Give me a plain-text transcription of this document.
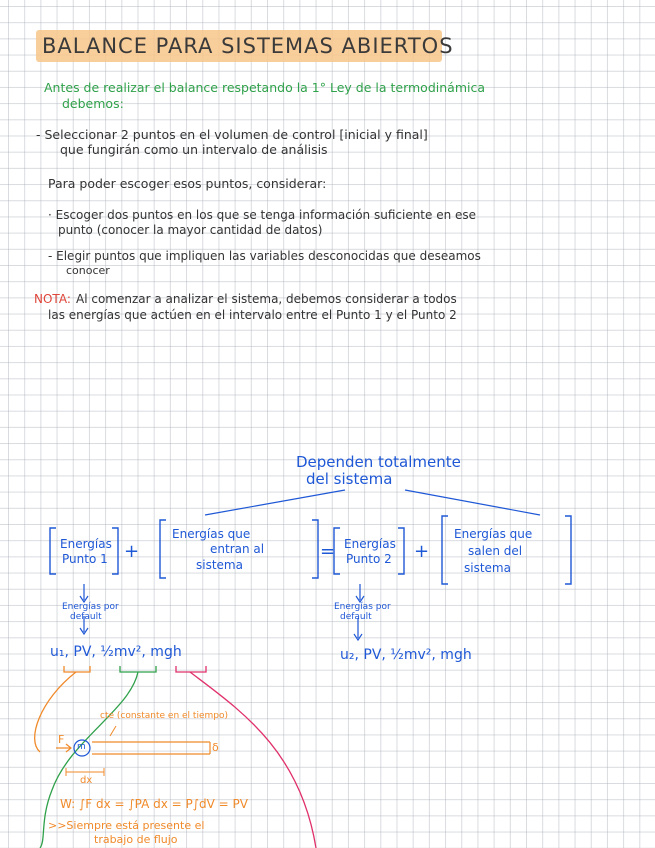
BALANCE PARA SISTEMAS ABIERTOS
Antes de realizar el balance respetando la 1° Ley de la termodinámica
debemos:
- Seleccionar 2 puntos en el volumen de control [inicial y final]
que fungirán como un intervalo de análisis
Para poder escoger esos puntos, considerar:
· Escoger dos puntos en los que se tenga información suficiente en ese
punto (conocer la mayor cantidad de datos)
- Elegir puntos que impliquen las variables desconocidas que deseamos
conocer
NOTA: Al comenzar a analizar el sistema, debemos considerar a todos
las energías que actúen en el intervalo entre el Punto 1 y el Punto 2
Dependen totalmente
del sistema
Energías
Punto 1 +
Energías que
entran al
sistema
= Energías
Punto 2 +
Energías que
salen del
sistema
Energías por
default
Energías por
default
u₁, PV, ½mv², mgh	u₂, PV, ½mv², mgh
cte (constante en el tiempo)
F
m	δ
dx
W: ∫F dx = ∫PA dx = P∫dV = PV
>>Siempre está presente el
trabajo de flujo
